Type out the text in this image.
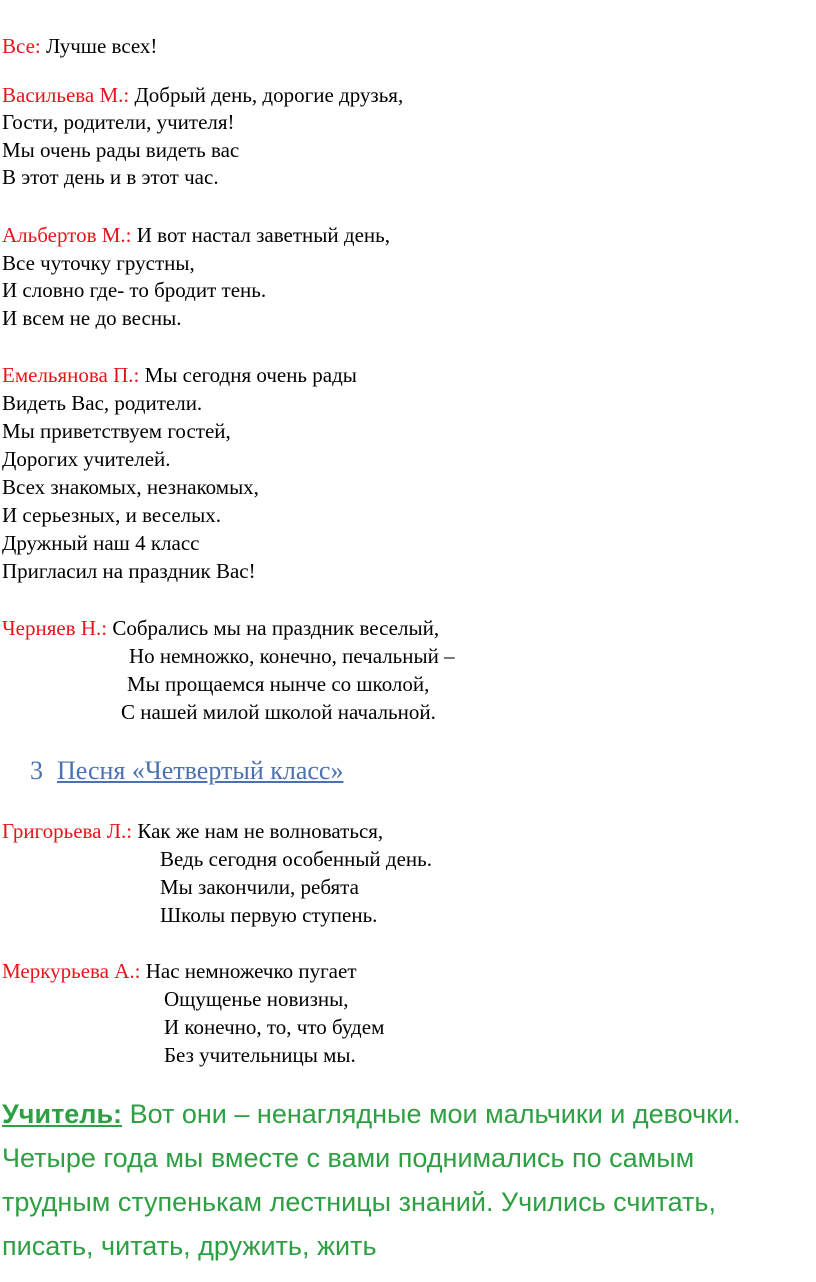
Все: Лучше всех!
Васильева М.: Добрый день, дорогие друзья,
Гости, родители, учителя!
Мы очень рады видеть вас
В этот день и в этот час.
Альбертов М.: И вот настал заветный день,
Все чуточку грустны,
И словно где- то бродит тень.
И всем не до весны.
Емельянова П.: Мы сегодня очень рады
Видеть Вас, родители.
Мы приветствуем гостей,
Дорогих учителей.
Всех знакомых, незнакомых,
И серьезных, и веселых.
Дружный наш 4 класс
Пригласил на праздник Вас!
Черняев Н.: Собрались мы на праздник веселый,
Но немножко, конечно, печальный –
Мы прощаемся нынче со школой,
С нашей милой школой начальной.
3 Песня «Четвертый класс»
Григорьева Л.: Как же нам не волноваться,
Ведь сегодня особенный день.
Мы закончили, ребята
Школы первую ступень.
Меркурьева А.: Нас немножечко пугает
Ощущенье новизны,
И конечно, то, что будем
Без учительницы мы.
Учитель: Вот они – ненаглядные мои мальчики и девочки.
Четыре года мы вместе с вами поднимались по самым
трудным ступенькам лестницы знаний. Учились считать,
писать, читать, дружить, жить
